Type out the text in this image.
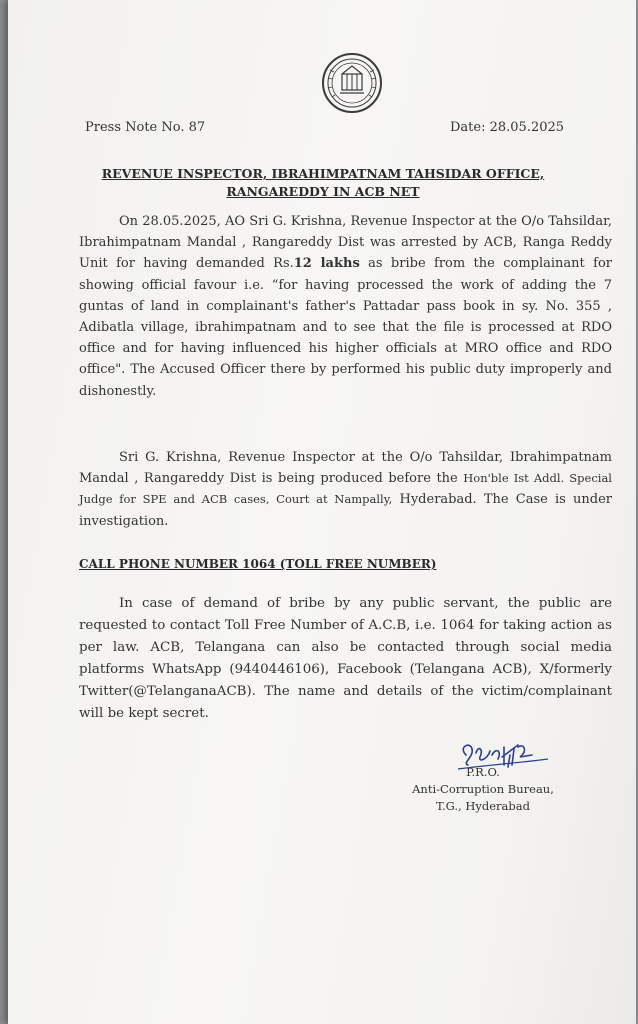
Press Note No. 87	Date: 28.05.2025
REVENUE INSPECTOR, IBRAHIMPATNAM TAHSIDAR OFFICE,
RANGAREDDY IN ACB NET

On 28.05.2025, AO Sri G. Krishna, Revenue Inspector at the O/o Tahsildar, Ibrahimpatnam Mandal , Rangareddy Dist was arrested by ACB, Ranga Reddy Unit for having demanded Rs.12 lakhs as bribe from the complainant for showing official favour i.e. “for having processed the work of adding the 7 guntas of land in complainant's father's Pattadar pass book in sy. No. 355 , Adibatla village, ibrahimpatnam and to see that the file is processed at RDO office and for having influenced his higher officials at MRO office and RDO office". The Accused Officer there by performed his public duty improperly and dishonestly.

Sri G. Krishna, Revenue Inspector at the O/o Tahsildar, Ibrahimpatnam Mandal , Rangareddy Dist is being produced before the Hon'ble Ist Addl. Special Judge for SPE and ACB cases, Court at Nampally, Hyderabad. The Case is under investigation.

CALL PHONE NUMBER 1064 (TOLL FREE NUMBER)

In case of demand of bribe by any public servant, the public are requested to contact Toll Free Number of A.C.B, i.e. 1064 for taking action as per law. ACB, Telangana can also be contacted through social media platforms WhatsApp (9440446106), Facebook (Telangana ACB), X/formerly Twitter(@TelanganaACB). The name and details of the victim/complainant will be kept secret.

P.R.O.
Anti-Corruption Bureau,
T.G., Hyderabad
